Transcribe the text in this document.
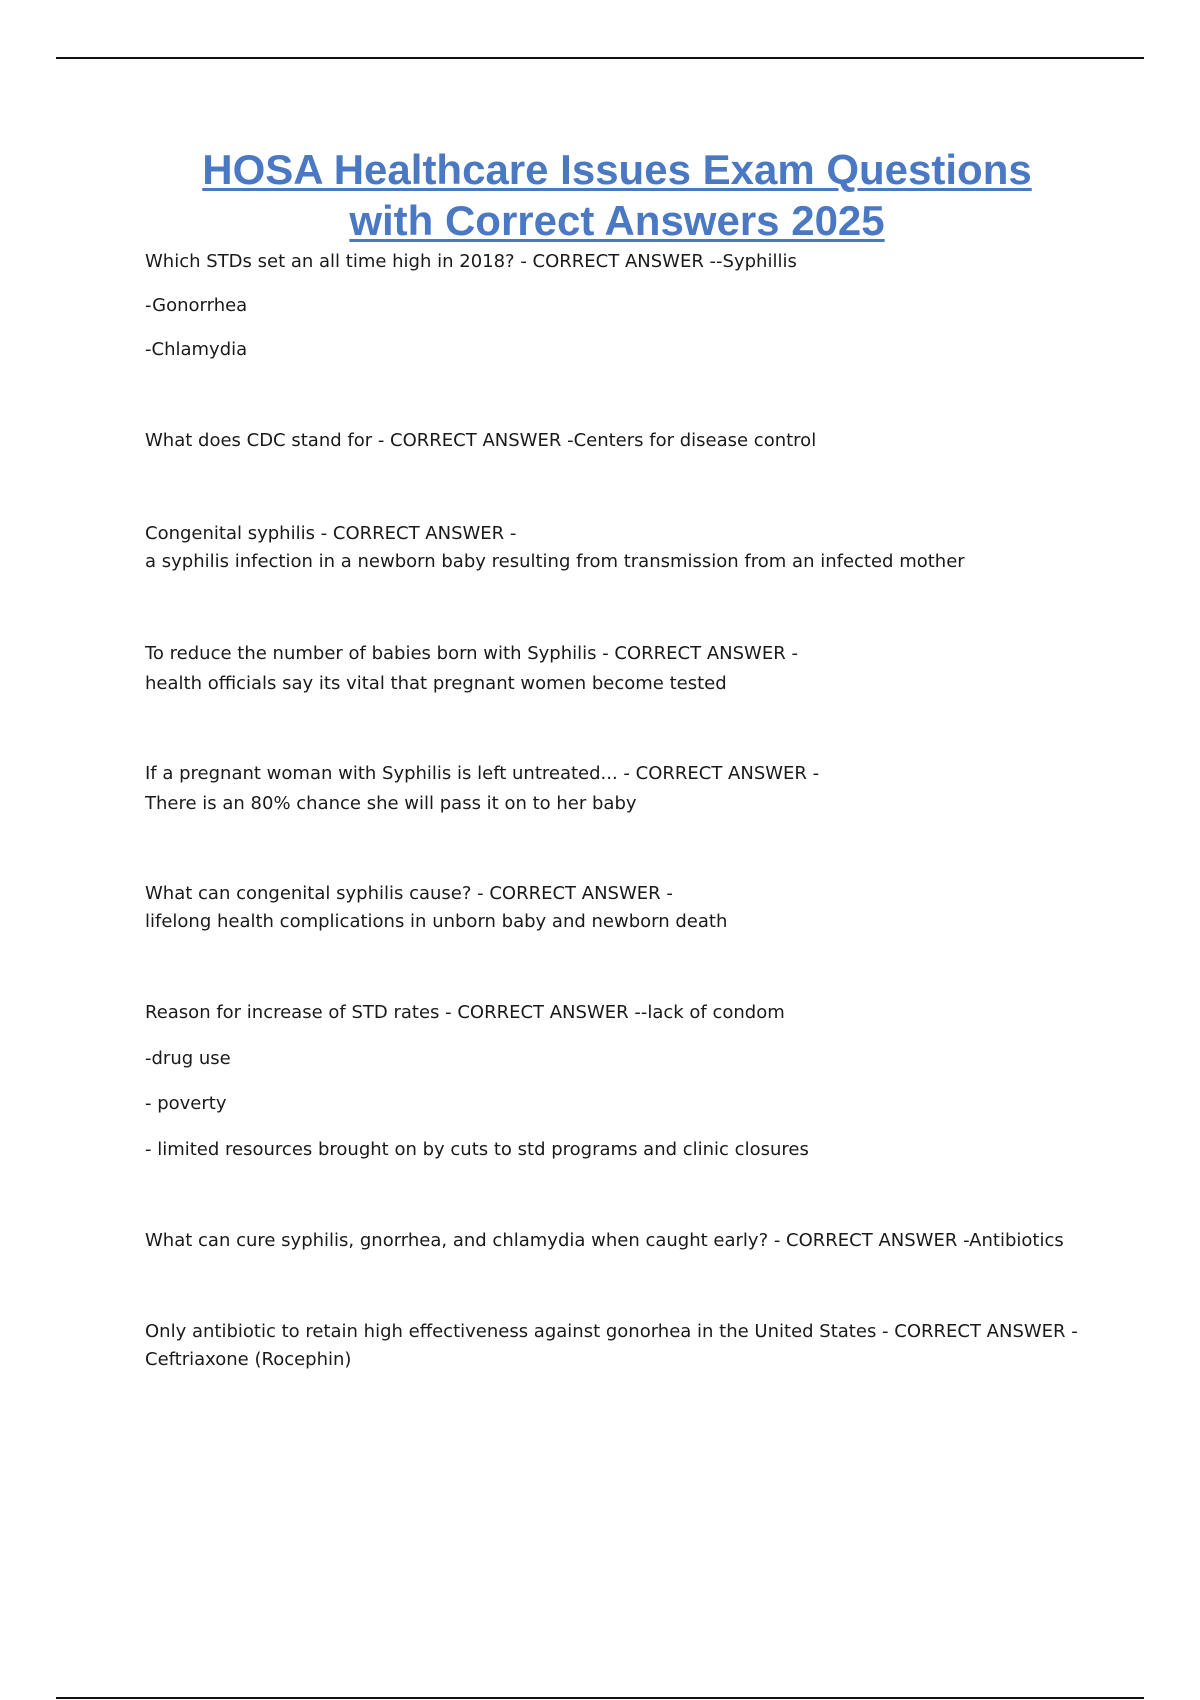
HOSA Healthcare Issues Exam Questions
with Correct Answers 2025

Which STDs set an all time high in 2018? - CORRECT ANSWER --Syphillis

-Gonorrhea

-Chlamydia

What does CDC stand for - CORRECT ANSWER -Centers for disease control

Congenital syphilis - CORRECT ANSWER -

a syphilis infection in a newborn baby resulting from transmission from an infected mother

To reduce the number of babies born with Syphilis - CORRECT ANSWER -

health officials say its vital that pregnant women become tested

If a pregnant woman with Syphilis is left untreated... - CORRECT ANSWER -

There is an 80% chance she will pass it on to her baby

What can congenital syphilis cause? - CORRECT ANSWER -

lifelong health complications in unborn baby and newborn death

Reason for increase of STD rates - CORRECT ANSWER --lack of condom

-drug use

- poverty

- limited resources brought on by cuts to std programs and clinic closures

What can cure syphilis, gnorrhea, and chlamydia when caught early? - CORRECT ANSWER -Antibiotics

Only antibiotic to retain high effectiveness against gonorhea in the United States - CORRECT ANSWER -

Ceftriaxone (Rocephin)
